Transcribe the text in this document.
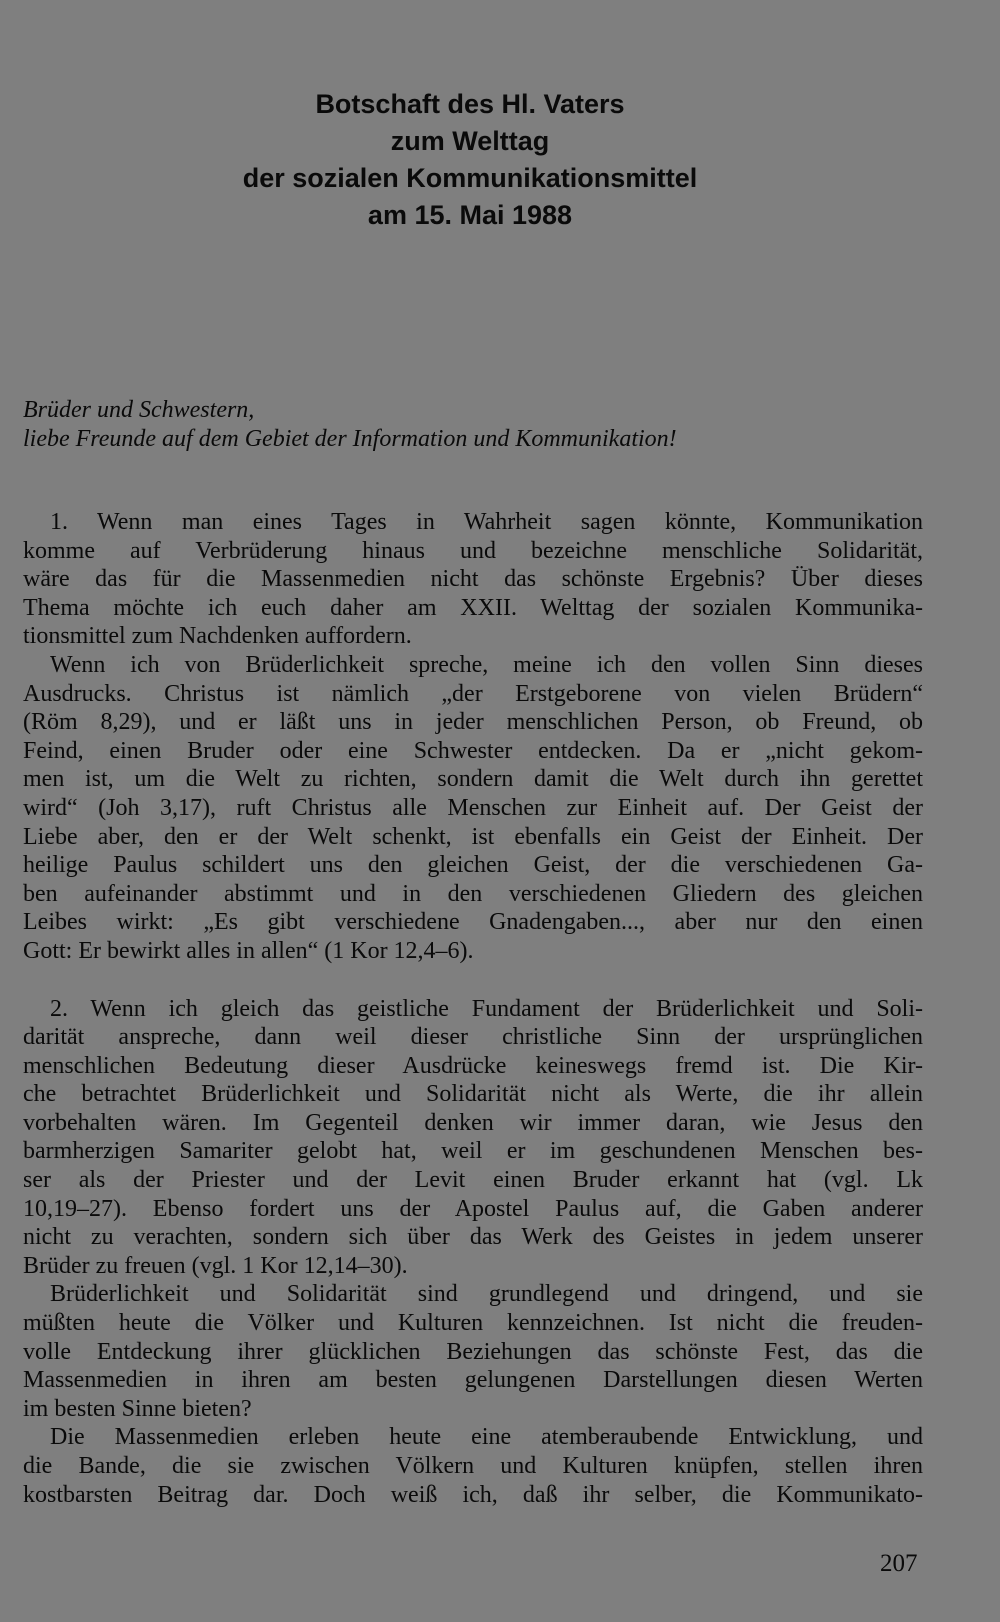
Botschaft des Hl. Vaters
zum Welttag
der sozialen Kommunikationsmittel
am 15. Mai 1988
Brüder und Schwestern,
liebe Freunde auf dem Gebiet der Information und Kommunikation!
1. Wenn man eines Tages in Wahrheit sagen könnte, Kommunikation
komme auf Verbrüderung hinaus und bezeichne menschliche Solidarität,
wäre das für die Massenmedien nicht das schönste Ergebnis? Über dieses
Thema möchte ich euch daher am XXII. Welttag der sozialen Kommunika-
tionsmittel zum Nachdenken auffordern.
Wenn ich von Brüderlichkeit spreche, meine ich den vollen Sinn dieses
Ausdrucks. Christus ist nämlich „der Erstgeborene von vielen Brüdern“
(Röm 8,29), und er läßt uns in jeder menschlichen Person, ob Freund, ob
Feind, einen Bruder oder eine Schwester entdecken. Da er „nicht gekom-
men ist, um die Welt zu richten, sondern damit die Welt durch ihn gerettet
wird“ (Joh 3,17), ruft Christus alle Menschen zur Einheit auf. Der Geist der
Liebe aber, den er der Welt schenkt, ist ebenfalls ein Geist der Einheit. Der
heilige Paulus schildert uns den gleichen Geist, der die verschiedenen Ga-
ben aufeinander abstimmt und in den verschiedenen Gliedern des gleichen
Leibes wirkt: „Es gibt verschiedene Gnadengaben..., aber nur den einen
Gott: Er bewirkt alles in allen“ (1 Kor 12,4–6).
2. Wenn ich gleich das geistliche Fundament der Brüderlichkeit und Soli-
darität anspreche, dann weil dieser christliche Sinn der ursprünglichen
menschlichen Bedeutung dieser Ausdrücke keineswegs fremd ist. Die Kir-
che betrachtet Brüderlichkeit und Solidarität nicht als Werte, die ihr allein
vorbehalten wären. Im Gegenteil denken wir immer daran, wie Jesus den
barmherzigen Samariter gelobt hat, weil er im geschundenen Menschen bes-
ser als der Priester und der Levit einen Bruder erkannt hat (vgl. Lk
10,19–27). Ebenso fordert uns der Apostel Paulus auf, die Gaben anderer
nicht zu verachten, sondern sich über das Werk des Geistes in jedem unserer
Brüder zu freuen (vgl. 1 Kor 12,14–30).
Brüderlichkeit und Solidarität sind grundlegend und dringend, und sie
müßten heute die Völker und Kulturen kennzeichnen. Ist nicht die freuden-
volle Entdeckung ihrer glücklichen Beziehungen das schönste Fest, das die
Massenmedien in ihren am besten gelungenen Darstellungen diesen Werten
im besten Sinne bieten?
Die Massenmedien erleben heute eine atemberaubende Entwicklung, und
die Bande, die sie zwischen Völkern und Kulturen knüpfen, stellen ihren
kostbarsten Beitrag dar. Doch weiß ich, daß ihr selber, die Kommunikato-
207
